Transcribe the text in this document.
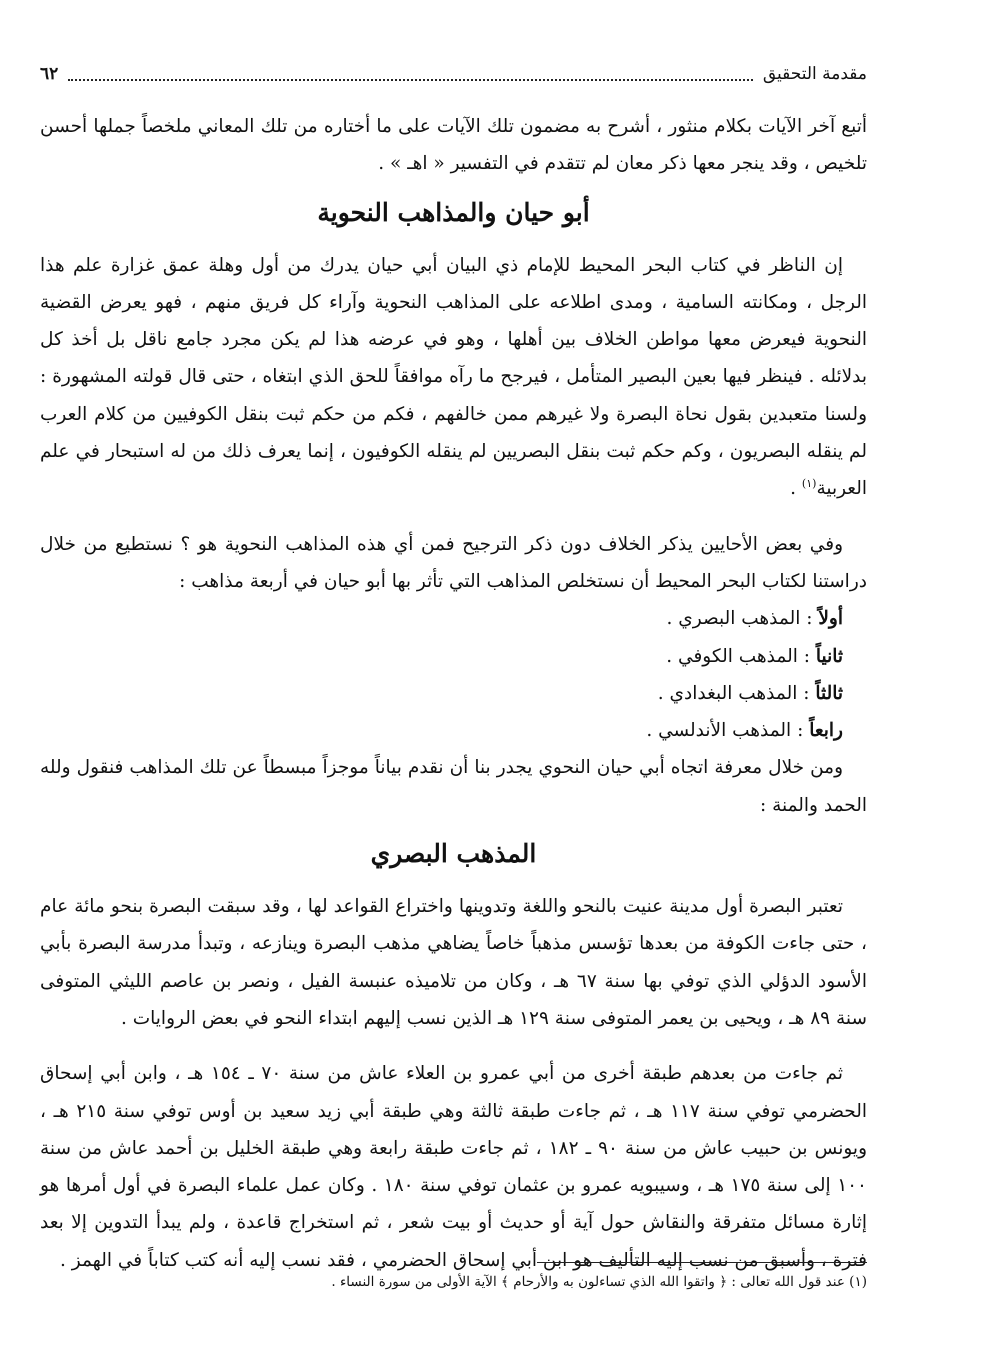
مقدمة التحقيق
٦٢

أتبع آخر الآيات بكلام منثور ، أشرح به مضمون تلك الآيات على ما أختاره من تلك المعاني ملخصاً جملها أحسن تلخيص ، وقد ينجر معها ذكر معان لم تتقدم في التفسير « اهـ » .

أبو حيان والمذاهب النحوية

إن الناظر في كتاب البحر المحيط للإمام ذي البيان أبي حيان يدرك من أول وهلة عمق غزارة علم هذا الرجل ، ومكانته السامية ، ومدى اطلاعه على المذاهب النحوية وآراء كل فريق منهم ، فهو يعرض القضية النحوية فيعرض معها مواطن الخلاف بين أهلها ، وهو في عرضه هذا لم يكن مجرد جامع ناقل بل أخذ كل بدلائله . فينظر فيها بعين البصير المتأمل ، فيرجح ما رآه موافقاً للحق الذي ابتغاه ، حتى قال قولته المشهورة : ولسنا متعبدين بقول نحاة البصرة ولا غيرهم ممن خالفهم ، فكم من حكم ثبت بنقل الكوفيين من كلام العرب لم ينقله البصريون ، وكم حكم ثبت بنقل البصريين لم ينقله الكوفيون ، إنما يعرف ذلك من له استبحار في علم العربية$^{(١)}$ .

وفي بعض الأحايين يذكر الخلاف دون ذكر الترجيح فمن أي هذه المذاهب النحوية هو ؟ نستطيع من خلال دراستنا لكتاب البحر المحيط أن نستخلص المذاهب التي تأثر بها أبو حيان في أربعة مذاهب :

أولاً : المذهب البصري .
ثانياً : المذهب الكوفي .
ثالثاً : المذهب البغدادي .
رابعاً : المذهب الأندلسي .

ومن خلال معرفة اتجاه أبي حيان النحوي يجدر بنا أن نقدم بياناً موجزاً مبسطاً عن تلك المذاهب فنقول ولله الحمد والمنة :

المذهب البصري

تعتبر البصرة أول مدينة عنيت بالنحو واللغة وتدوينها واختراع القواعد لها ، وقد سبقت البصرة بنحو مائة عام ، حتى جاءت الكوفة من بعدها تؤسس مذهباً خاصاً يضاهي مذهب البصرة وينازعه ، وتبدأ مدرسة البصرة بأبي الأسود الدؤلي الذي توفي بها سنة ٦٧ هـ ، وكان من تلاميذه عنبسة الفيل ، ونصر بن عاصم الليثي المتوفى سنة ٨٩ هـ ، ويحيى بن يعمر المتوفى سنة ١٢٩ هـ الذين نسب إليهم ابتداء النحو في بعض الروايات .

ثم جاءت من بعدهم طبقة أخرى من أبي عمرو بن العلاء عاش من سنة ٧٠ ـ ١٥٤ هـ ، وابن أبي إسحاق الحضرمي توفي سنة ١١٧ هـ ، ثم جاءت طبقة ثالثة وهي طبقة أبي زيد سعيد بن أوس توفي سنة ٢١٥ هـ ، ويونس بن حبيب عاش من سنة ٩٠ ـ ١٨٢ ، ثم جاءت طبقة رابعة وهي طبقة الخليل بن أحمد عاش من سنة ١٠٠ إلى سنة ١٧٥ هـ ، وسيبويه عمرو بن عثمان توفي سنة ١٨٠ . وكان عمل علماء البصرة في أول أمرها هو إثارة مسائل متفرقة والنقاش حول آية أو حديث أو بيت شعر ، ثم استخراج قاعدة ، ولم يبدأ التدوين إلا بعد فترة ، وأسبق من نسب إليه التأليف هو ابن أبي إسحاق الحضرمي ، فقد نسب إليه أنه كتب كتاباً في الهمز .

(١) عند قول الله تعالى : ﴿ واتقوا الله الذي تساءلون به والأرحام ﴾ الآية الأولى من سورة النساء .
